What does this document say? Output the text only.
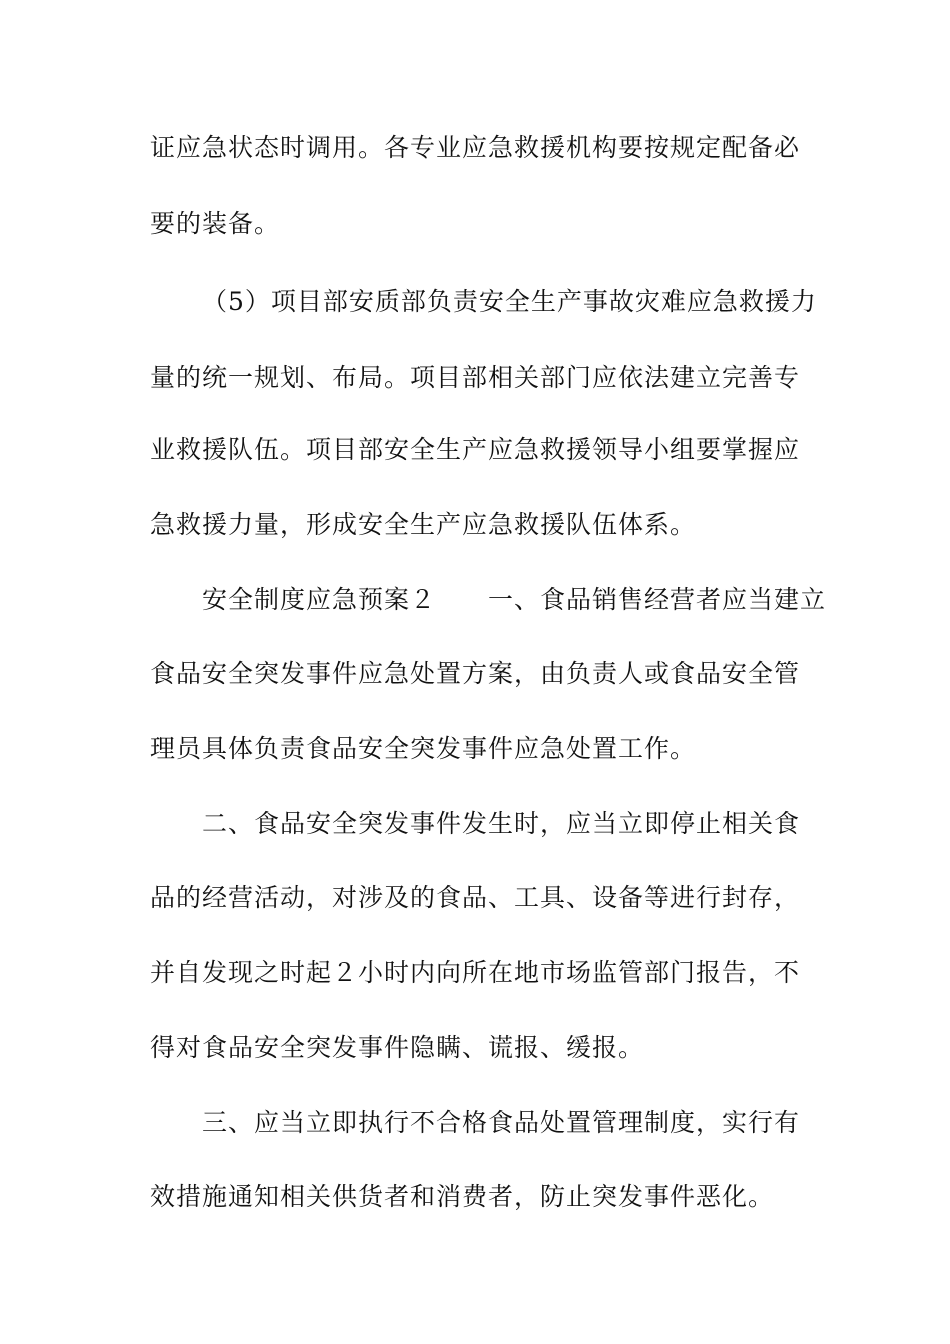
证应急状态时调用。各专业应急救援机构要按规定配备必
要的装备。
（5）项目部安质部负责安全生产事故灾难应急救援力
量的统一规划、布局。项目部相关部门应依法建立完善专
业救援队伍。项目部安全生产应急救援领导小组要掌握应
急救援力量，形成安全生产应急救援队伍体系。
安全制度应急预案２　　一、食品销售经营者应当建立
食品安全突发事件应急处置方案，由负责人或食品安全管
理员具体负责食品安全突发事件应急处置工作。
二、食品安全突发事件发生时，应当立即停止相关食
品的经营活动，对涉及的食品、工具、设备等进行封存，
并自发现之时起２小时内向所在地市场监管部门报告，不
得对食品安全突发事件隐瞒、谎报、缓报。
三、应当立即执行不合格食品处置管理制度，实行有
效措施通知相关供货者和消费者，防止突发事件恶化。
